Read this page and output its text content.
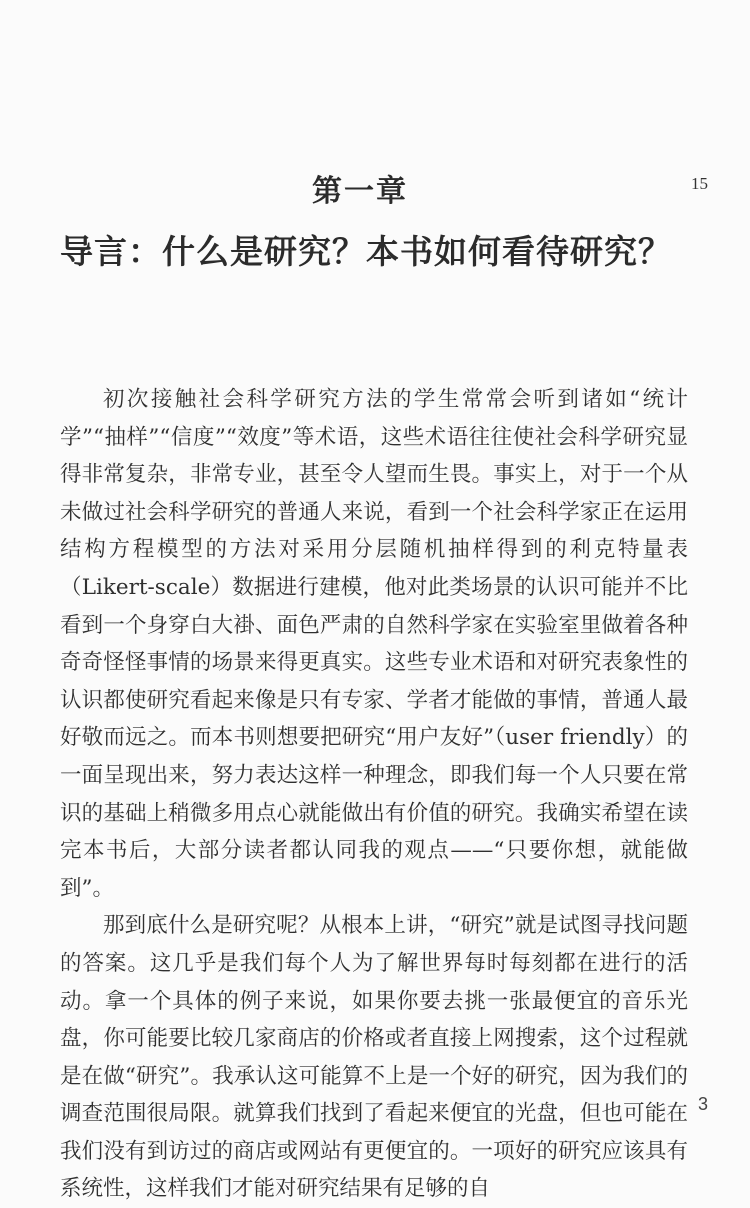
15
第一章
导言：什么是研究？本书如何看待研究？

初次接触社会科学研究方法的学生常常会听到诸如“统计学”“抽样”“信度”“效度”等术语，这些术语往往使社会科学研究显得非常复杂，非常专业，甚至令人望而生畏。事实上，对于一个从未做过社会科学研究的普通人来说，看到一个社会科学家正在运用结构方程模型的方法对采用分层随机抽样得到的利克特量表（Likert-scale）数据进行建模，他对此类场景的认识可能并不比看到一个身穿白大褂、面色严肃的自然科学家在实验室里做着各种奇奇怪怪事情的场景来得更真实。这些专业术语和对研究表象性的认识都使研究看起来像是只有专家、学者才能做的事情，普通人最好敬而远之。而本书则想要把研究“用户友好”（user friendly）的一面呈现出来，努力表达这样一种理念，即我们每一个人只要在常识的基础上稍微多用点心就能做出有价值的研究。我确实希望在读完本书后，大部分读者都认同我的观点——“只要你想，就能做到”。

那到底什么是研究呢？从根本上讲，“研究”就是试图寻找问题的答案。这几乎是我们每个人为了解世界每时每刻都在进行的活动。拿一个具体的例子来说，如果你要去挑一张最便宜的音乐光盘，你可能要比较几家商店的价格或者直接上网搜索，这个过程就是在做“研究”。我承认这可能算不上是一个好的研究，因为我们的调查范围很局限。就算我们找到了看起来便宜的光盘，但也可能在我们没有到访过的商店或网站有更便宜的。一项好的研究应该具有系统性，这样我们才能对研究结果有足够的自

3
